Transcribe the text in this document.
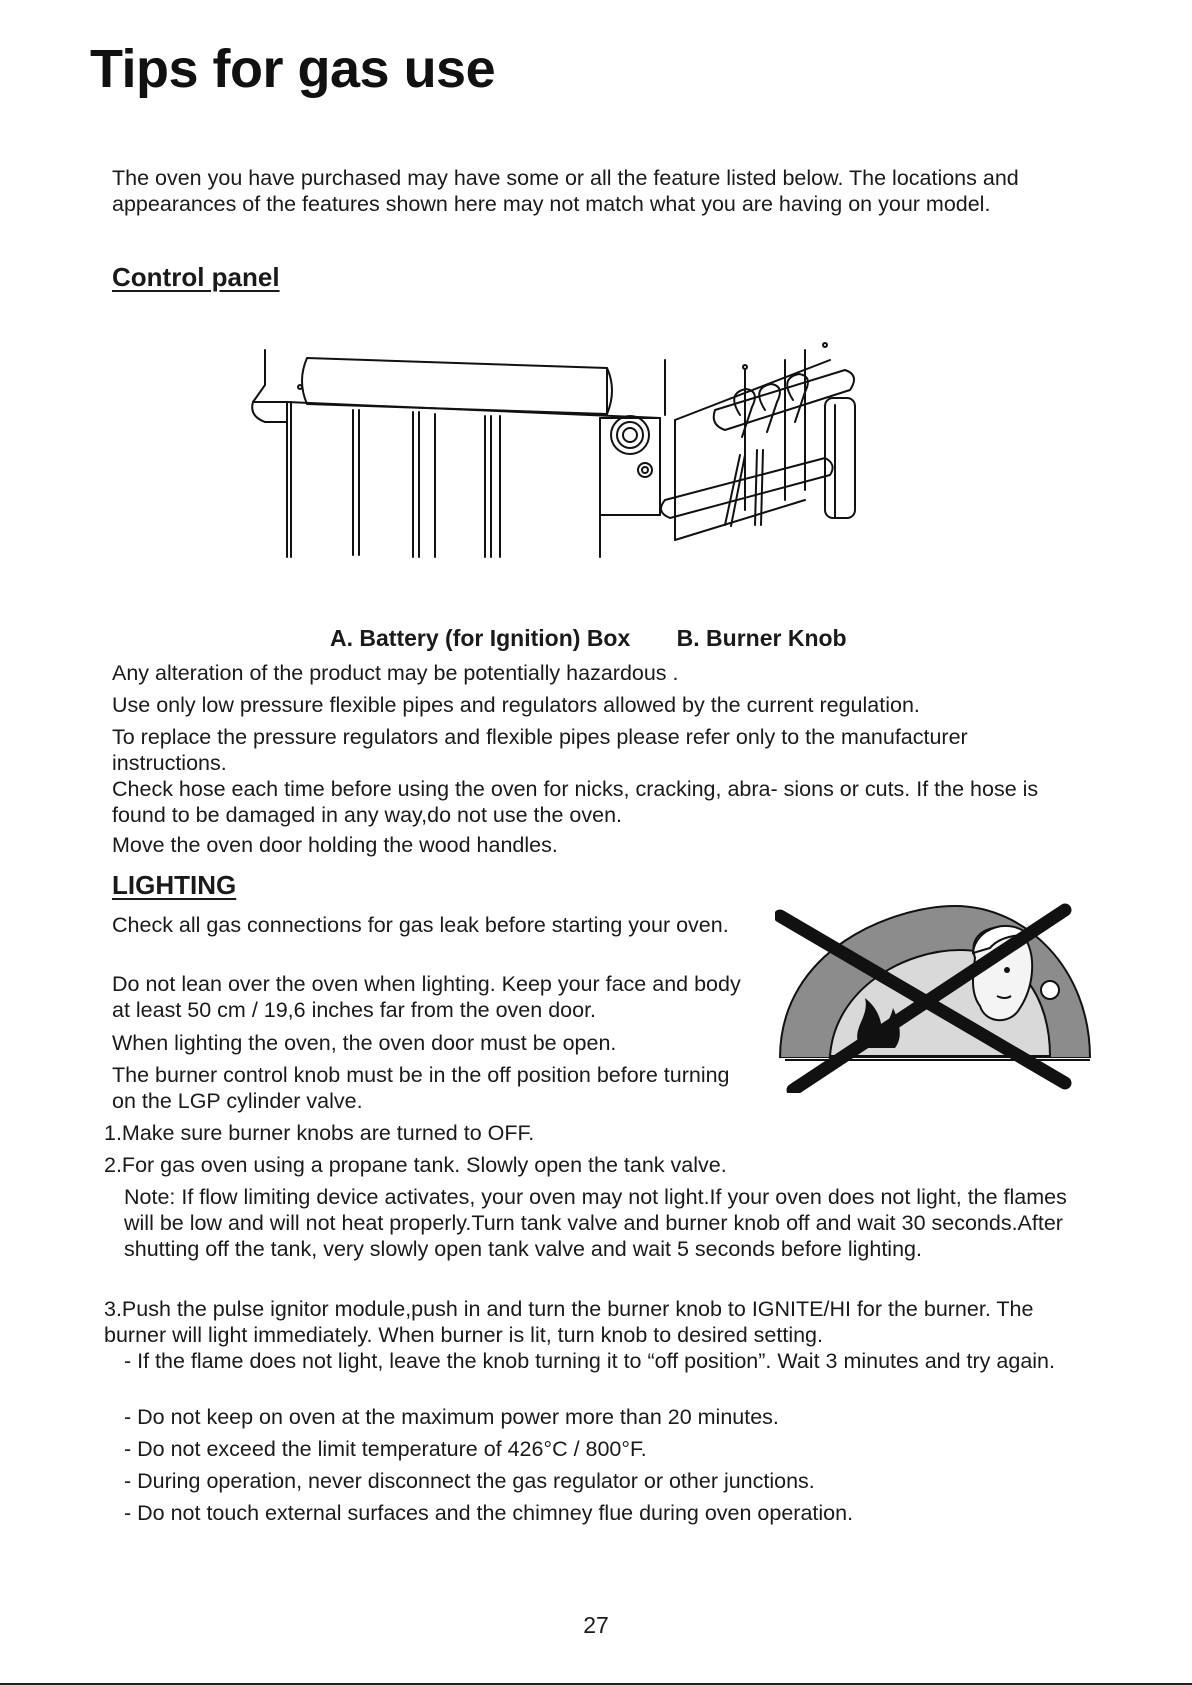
Tips for gas use

The oven you have purchased may have some or all the feature listed below. The locations and appearances of the features shown here may not match what you are having on your model.

Control panel
A. Battery (for Ignition) Box B. Burner Knob

Any alteration of the product may be potentially hazardous .

Use only low pressure flexible pipes and regulators allowed by the current regulation.

To replace the pressure regulators and flexible pipes please refer only to the manufacturer instructions.

Check hose each time before using the oven for nicks, cracking, abra- sions or cuts. If the hose is found to be damaged in any way,do not use the oven.

Move the oven door holding the wood handles.

LIGHTING

Check all gas connections for gas leak before starting your oven.

Do not lean over the oven when lighting. Keep your face and body at least 50 cm / 19,6 inches far from the oven door.

When lighting the oven, the oven door must be open.

The burner control knob must be in the off position before turning on the LGP cylinder valve.

1.Make sure burner knobs are turned to OFF.

2.For gas oven using a propane tank. Slowly open the tank valve.

Note: If flow limiting device activates, your oven may not light.If your oven does not light, the flames will be low and will not heat properly.Turn tank valve and burner knob off and wait 30 seconds.After shutting off the tank, very slowly open tank valve and wait 5 seconds before lighting.

3.Push the pulse ignitor module,push in and turn the burner knob to IGNITE/HI for the burner. The burner will light immediately. When burner is lit, turn knob to desired setting.

- If the flame does not light, leave the knob turning it to “off position”. Wait 3 minutes and try again.

- Do not keep on oven at the maximum power more than 20 minutes.

- Do not exceed the limit temperature of 426°C / 800°F.

- During operation, never disconnect the gas regulator or other junctions.

- Do not touch external surfaces and the chimney flue during oven operation.

27
